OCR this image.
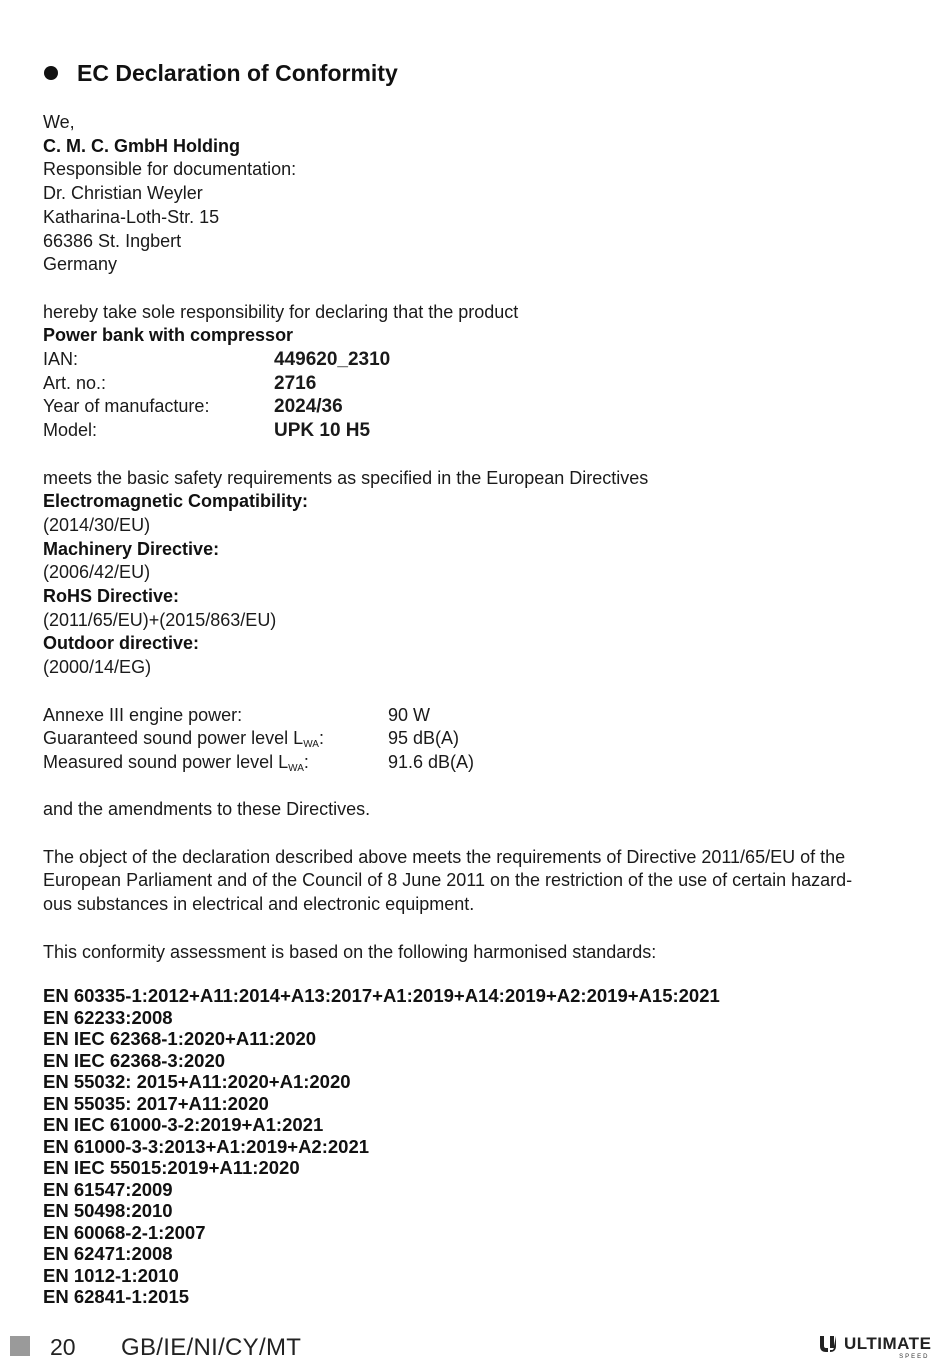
EC Declaration of Conformity
We,
C. M. C. GmbH Holding
Responsible for documentation:
Dr. Christian Weyler
Katharina-Loth-Str. 15
66386 St. Ingbert
Germany
hereby take sole responsibility for declaring that the product
Power bank with compressor
IAN:	449620_2310
Art. no.:	2716
Year of manufacture:	2024/36
Model:	UPK 10 H5
meets the basic safety requirements as specified in the European Directives
Electromagnetic Compatibility:
(2014/30/EU)
Machinery Directive:
(2006/42/EU)
RoHS Directive:
(2011/65/EU)+(2015/863/EU)
Outdoor directive:
(2000/14/EG)
Annexe III engine power:	90 W
Guaranteed sound power level $L_{WA}$:	95 dB(A)
Measured sound power level $L_{WA}$:	91.6 dB(A)
and the amendments to these Directives.
The object of the declaration described above meets the requirements of Directive 2011/65/EU of the
European Parliament and of the Council of 8 June 2011 on the restriction of the use of certain hazard-
ous substances in electrical and electronic equipment.
This conformity assessment is based on the following harmonised standards:
EN 60335-1:2012+A11:2014+A13:2017+A1:2019+A14:2019+A2:2019+A15:2021
EN 62233:2008
EN IEC 62368-1:2020+A11:2020
EN IEC 62368-3:2020
EN 55032: 2015+A11:2020+A1:2020
EN 55035: 2017+A11:2020
EN IEC 61000-3-2:2019+A1:2021
EN 61000-3-3:2013+A1:2019+A2:2021
EN IEC 55015:2019+A11:2020
EN 61547:2009
EN 50498:2010
EN 60068-2-1:2007
EN 62471:2008
EN 1012-1:2010
EN 62841-1:2015
20 GB/IE/NI/CY/MT	ULTIMATE
SPEED
